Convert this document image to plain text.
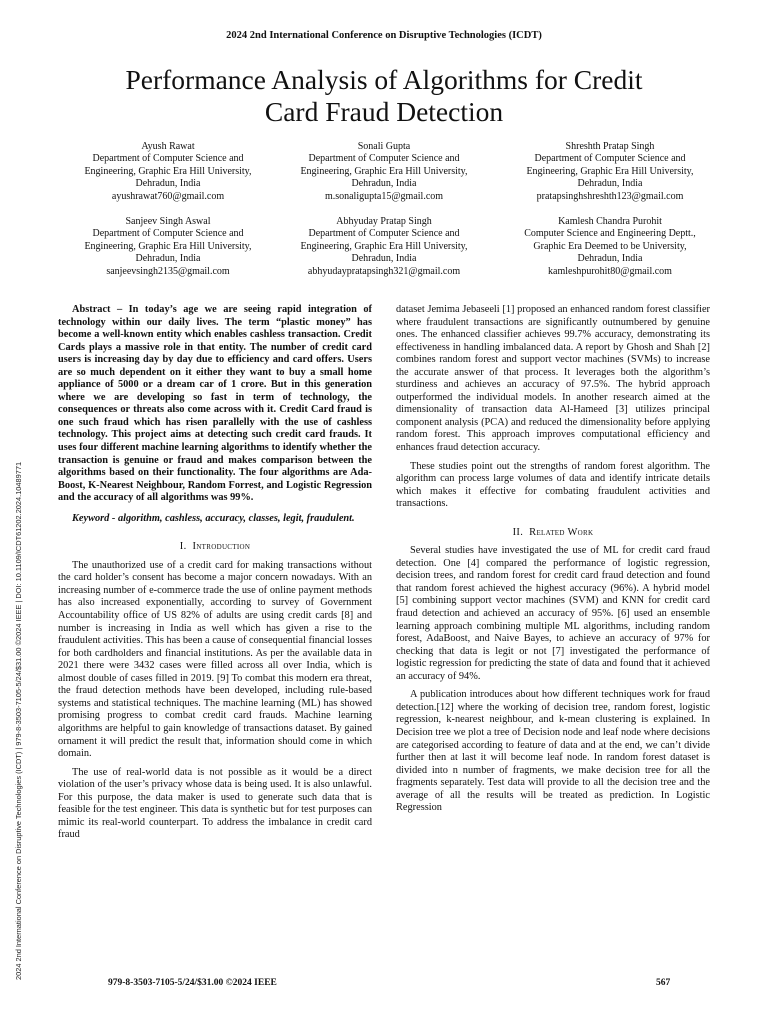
2024 2nd International Conference on Disruptive Technologies (ICDT)
Performance Analysis of Algorithms for Credit
Card Fraud Detection
Ayush Rawat
Department of Computer Science and
Engineering, Graphic Era Hill University,
Dehradun, India
ayushrawat760@gmail.com
Sonali Gupta
Department of Computer Science and
Engineering, Graphic Era Hill University,
Dehradun, India
m.sonaligupta15@gmail.com
Shreshth Pratap Singh
Department of Computer Science and
Engineering, Graphic Era Hill University,
Dehradun, India
pratapsinghshreshth123@gmail.com
Sanjeev Singh Aswal
Department of Computer Science and
Engineering, Graphic Era Hill University,
Dehradun, India
sanjeevsingh2135@gmail.com
Abhyuday Pratap Singh
Department of Computer Science and
Engineering, Graphic Era Hill University,
Dehradun, India
abhyudaypratapsingh321@gmail.com
Kamlesh Chandra Purohit
Computer Science and Engineering Deptt.,
Graphic Era Deemed to be University,
Dehradun, India
kamleshpurohit80@gmail.com

Abstract – In today’s age we are seeing rapid integration of technology within our daily lives. The term “plastic money” has become a well-known entity which enables cashless transaction. Credit Cards plays a massive role in that entity. The number of credit card users is increasing day by day due to efficiency and card offers. Users are so much dependent on it either they want to buy a small home appliance of 5000 or a dream car of 1 crore. But in this generation where we are developing so fast in term of technology, the consequences or threats also come across with it. Credit Card fraud is one such fraud which has risen parallelly with the use of cashless technology. This project aims at detecting such credit card frauds. It uses four different machine learning algorithms to identify whether the transaction is genuine or fraud and makes comparison between the algorithms based on their functionality. The four algorithms are Ada-Boost, K-Nearest Neighbour, Random Forrest, and Logistic Regression and the accuracy of all algorithms was 99%.

Keyword - algorithm, cashless, accuracy, classes, legit, fraudulent.

I. Introduction

The unauthorized use of a credit card for making transactions without the card holder’s consent has become a major concern nowadays. With an increasing number of e-commerce trade the use of online payment methods has also increased exponentially, according to survey of Government Accountability office of US 82% of adults are using credit cards [8] and number is increasing in India as well which has given a rise to the fraudulent activities. This has been a cause of consequential financial losses for both cardholders and financial institutions. As per the available data in 2021 there were 3432 cases were filled across all over India, which is almost double of cases filled in 2019. [9] To combat this modern era threat, the fraud detection methods have been developed, including rule-based systems and statistical techniques. The machine learning (ML) has showed promising progress to combat credit card frauds. Machine learning algorithms are helpful to gain knowledge of transactions dataset. By gained ornament it will predict the result that, information should come in which domain.

The use of real-world data is not possible as it would be a direct violation of the user’s privacy whose data is being used. It is also unlawful. For this purpose, the data maker is used to generate such data that is feasible for the test engineer. This data is synthetic but for test purposes can mimic its real-world counterpart. To address the imbalance in credit card fraud

dataset Jemima Jebaseeli [1] proposed an enhanced random forest classifier where fraudulent transactions are significantly outnumbered by genuine ones. The enhanced classifier achieves 99.7% accuracy, demonstrating its effectiveness in handling imbalanced data. A report by Ghosh and Shah [2] combines random forest and support vector machines (SVMs) to increase the accurate answer of that process. It leverages both the algorithm’s sturdiness and achieves an accuracy of 97.5%. The hybrid approach outperformed the individual models. In another research aimed at the dimensionality of transaction data Al-Hameed [3] utilizes principal component analysis (PCA) and reduced the dimensionality before applying random forest. This approach improves computational efficiency and enhances fraud detection accuracy.

These studies point out the strengths of random forest algorithm. The algorithm can process large volumes of data and identify intricate details which makes it effective for combating fraudulent activities and transactions.

II. Related Work

Several studies have investigated the use of ML for credit card fraud detection. One [4] compared the performance of logistic regression, decision trees, and random forest for credit card fraud detection and found that random forest achieved the highest accuracy (96%). A hybrid model [5] combining support vector machines (SVM) and KNN for credit card fraud detection and achieved an accuracy of 95%. [6] used an ensemble learning approach combining multiple ML algorithms, including random forest, AdaBoost, and Naive Bayes, to achieve an accuracy of 97% for checking that data is legit or not [7] investigated the performance of logistic regression for predicting the state of data and found that it achieved an accuracy of 94%.

A publication introduces about how different techniques work for fraud detection.[12] where the working of decision tree, random forest, logistic regression, k-nearest neighbour, and k-mean clustering is explained. In Decision tree we plot a tree of Decision node and leaf node where decisions are categorised according to feature of data and at the end, we can’t divide further then at last it will become leaf node. In random forest dataset is divided into n number of fragments, we make decision tree for all the fragments separately. Test data will provide to all the decision tree and the average of all the results will be treated as prediction. In Logistic Regression

2024 2nd International Conference on Disruptive Technologies (ICDT) | 979-8-3503-7105-5/24/$31.00 ©2024 IEEE | DOI: 10.1109/ICDT61202.2024.10489771
979-8-3503-7105-5/24/$31.00 ©2024 IEEE	567
